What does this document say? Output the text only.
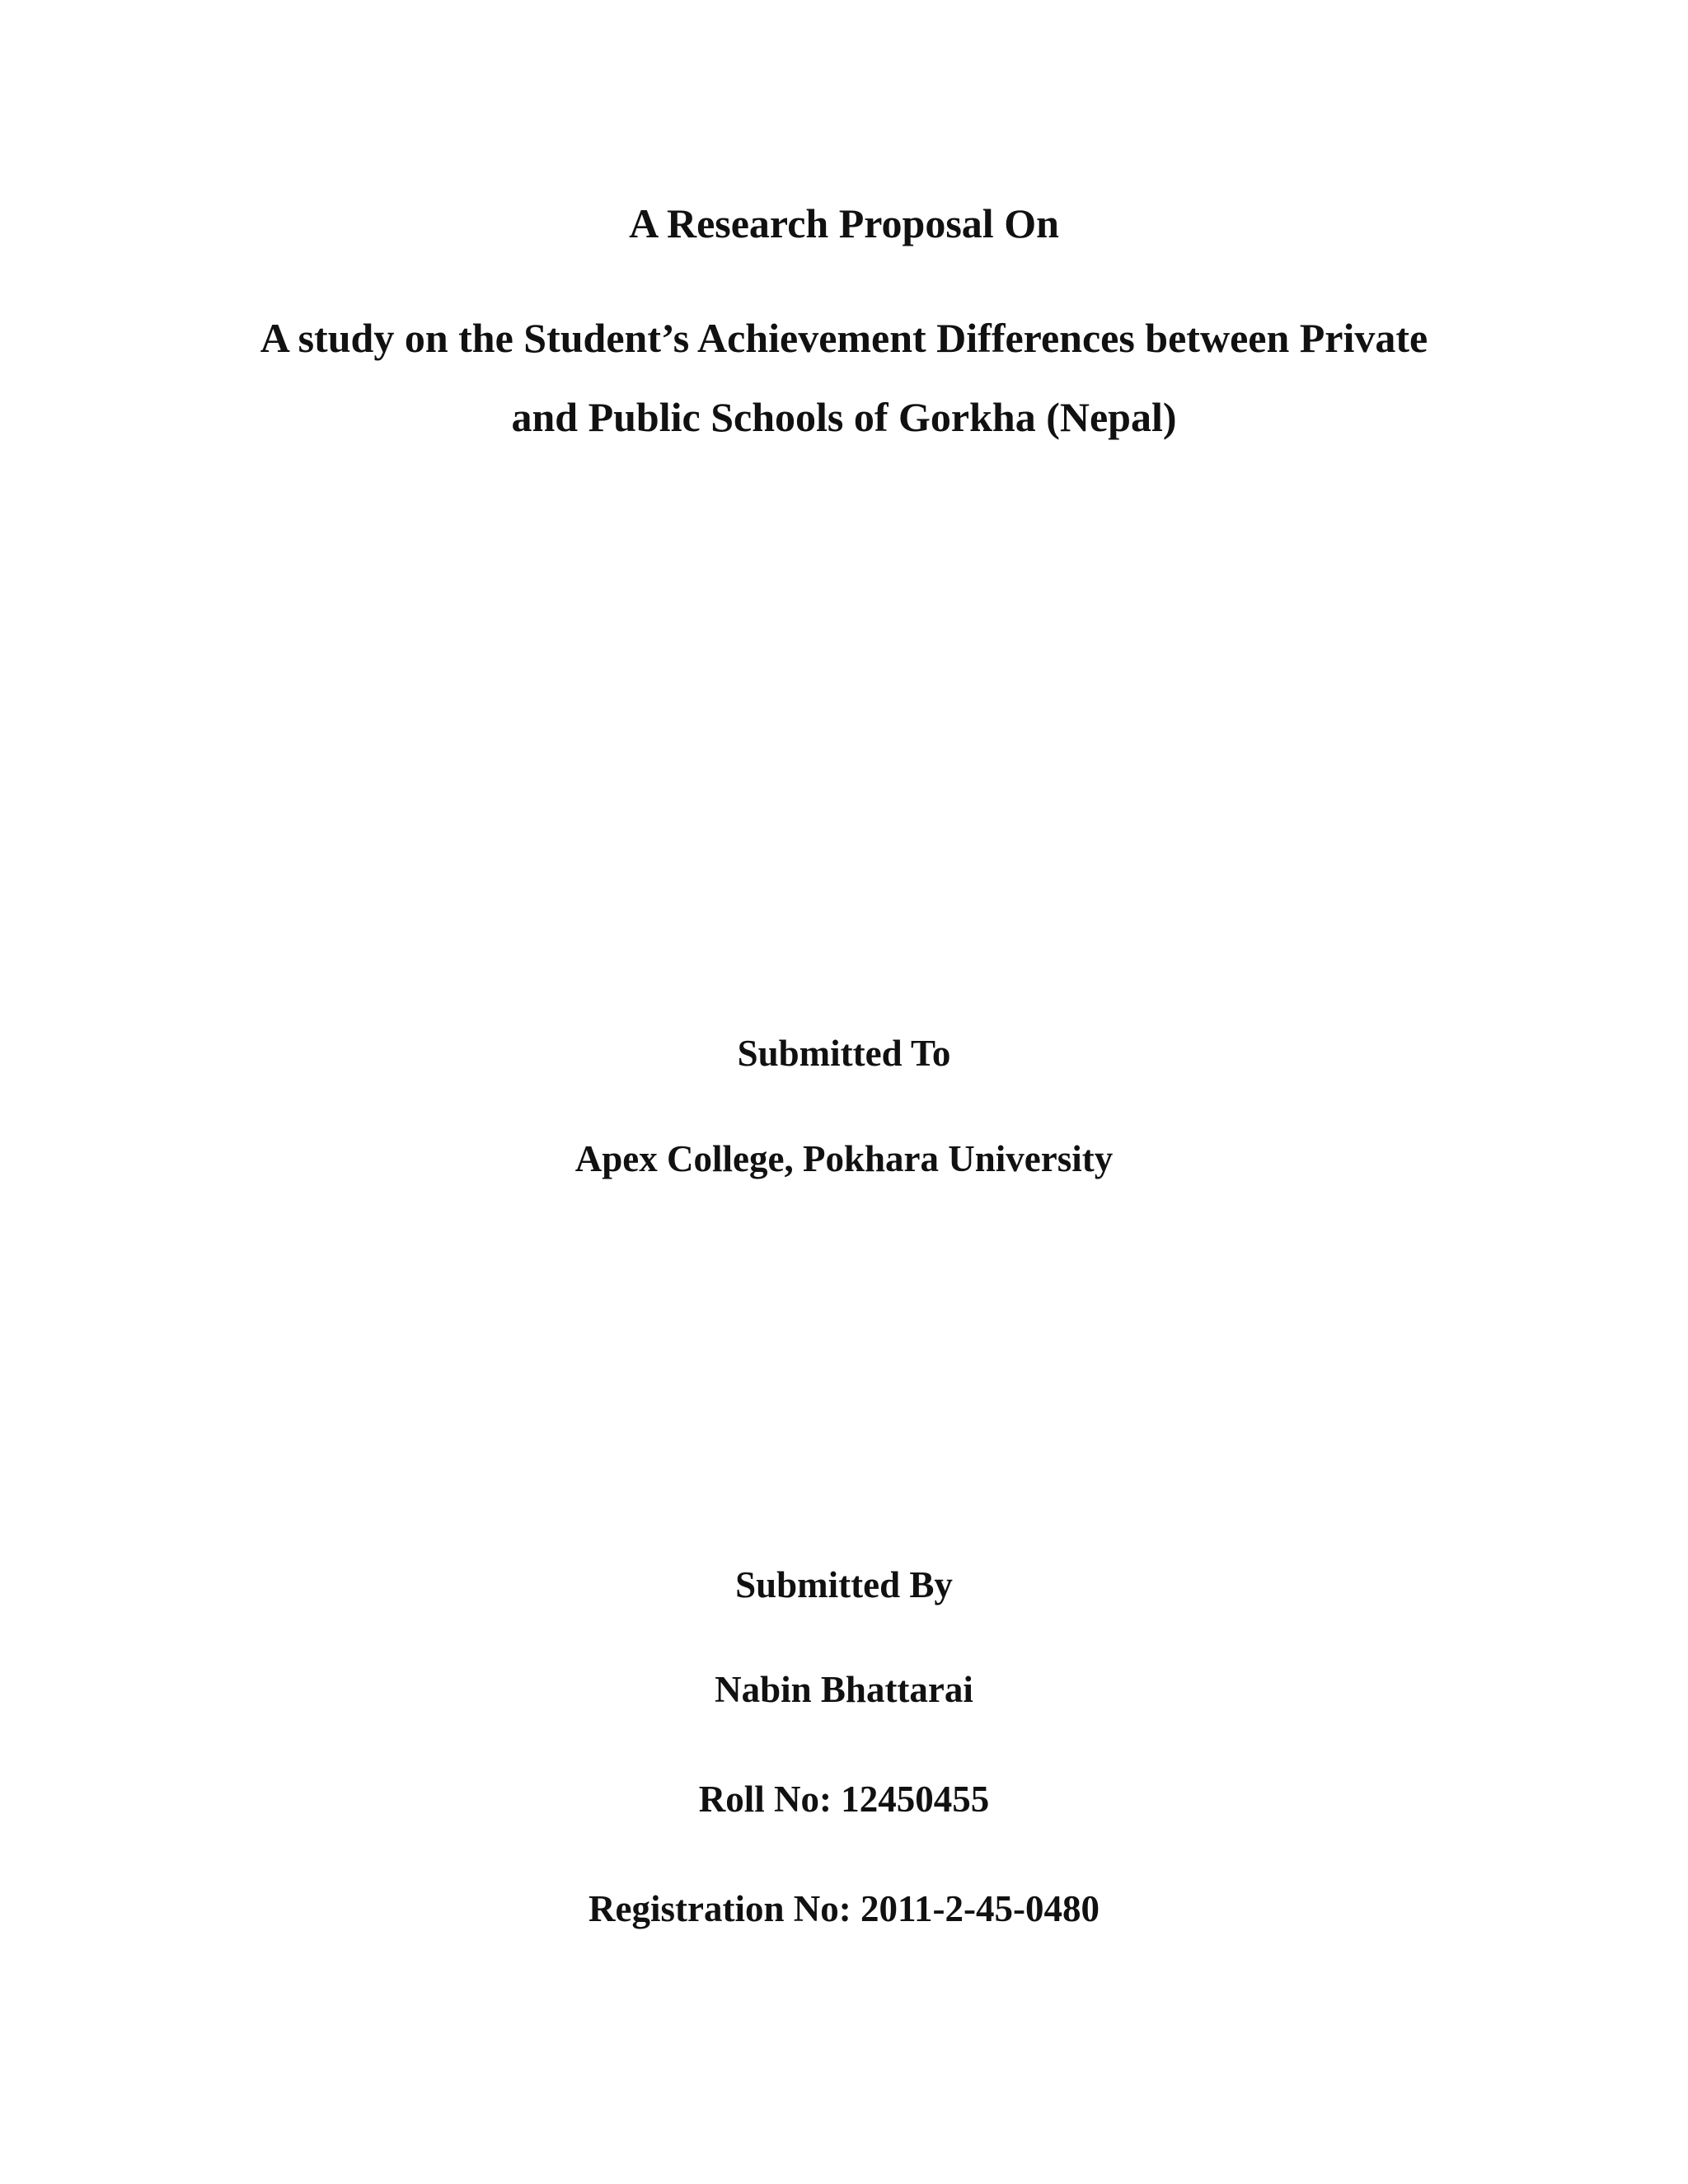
A Research Proposal On
A study on the Student’s Achievement Differences between Private
and Public Schools of Gorkha (Nepal)
Submitted To
Apex College, Pokhara University
Submitted By
Nabin Bhattarai
Roll No: 12450455
Registration No: 2011-2-45-0480
